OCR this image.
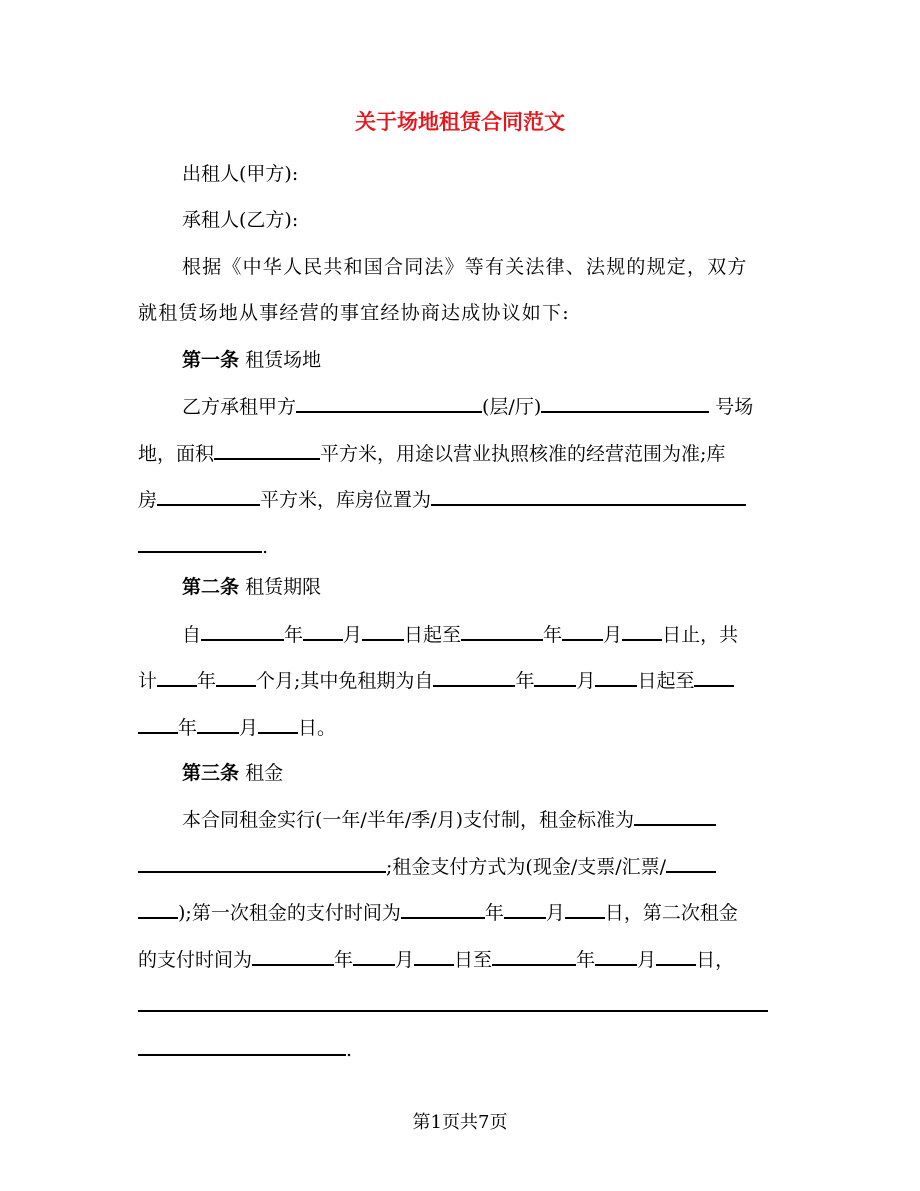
关于场地租赁合同范文
出租人(甲方):
承租人(乙方):
根据《中华人民共和国合同法》等有关法律、法规的规定，双方
就租赁场地从事经营的事宜经协商达成协议如下:
第一条 租赁场地
乙方承租甲方	(层/厅)	号场
地，面积	平方米，用途以营业执照核准的经营范围为准;库
房	平方米，库房位置为
.
第二条 租赁期限
自	年 月 日起至	年 月 日止，共
计 年 个月;其中免租期为自	年 月 日起至
年 月 日。
第三条 租金
本合同租金实行(一年/半年/季/月)支付制，租金标准为
;租金支付方式为(现金/支票/汇票/
);第一次租金的支付时间为	年 月 日，第二次租金
的支付时间为	年 月 日至	年 月 日，
.
第1页共7页
